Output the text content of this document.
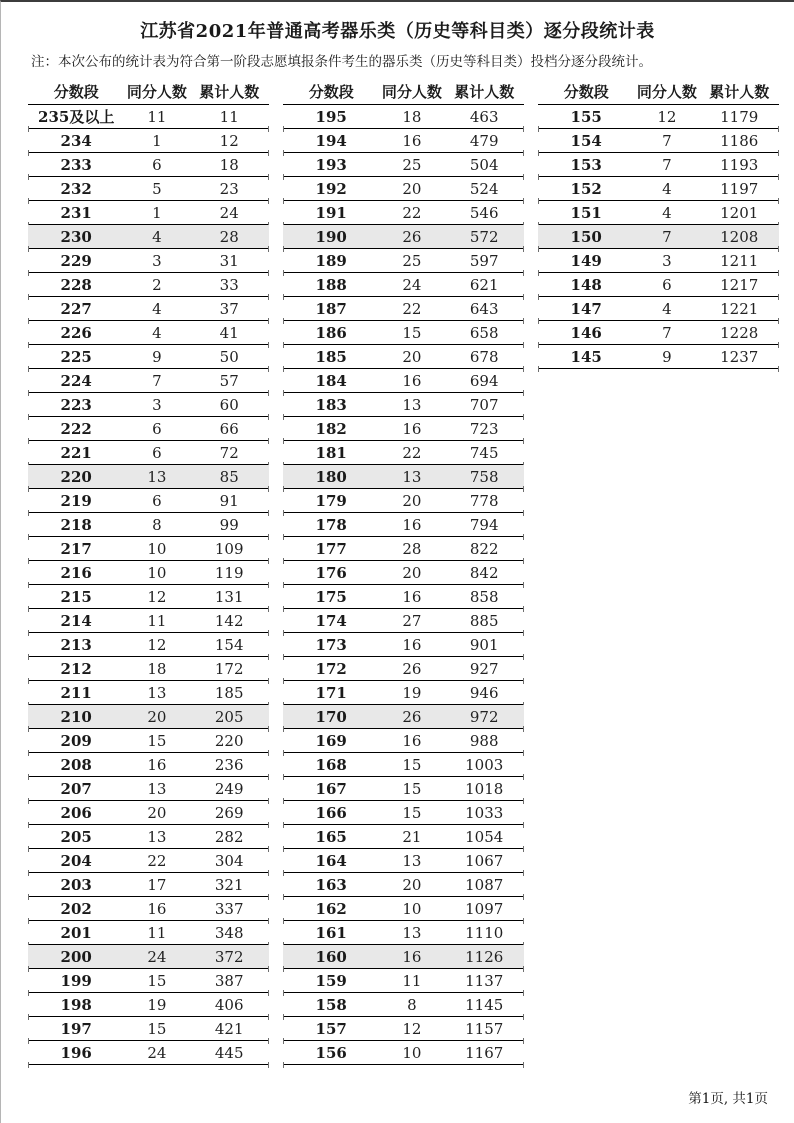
江苏省2021年普通高考器乐类（历史等科目类）逐分段统计表
注：本次公布的统计表为符合第一阶段志愿填报条件考生的器乐类（历史等科目类）投档分逐分段统计。
分数段	同分人数 累计人数
235及以上	11	11
234	1	12
233	6	18
232	5	23
231	1	24
230	4	28
229	3	31
228	2	33
227	4	37
226	4	41
225	9	50
224	7	57
223	3	60
222	6	66
221	6	72
220	13	85
219	6	91
218	8	99
217	10	109
216	10	119
215	12	131
214	11	142
213	12	154
212	18	172
211	13	185
210	20	205
209	15	220
208	16	236
207	13	249
206	20	269
205	13	282
204	22	304
203	17	321
202	16	337
201	11	348
200	24	372
199	15	387
198	19	406
197	15	421
196	24	445
分数段	同分人数 累计人数
195	18	463
194	16	479
193	25	504
192	20	524
191	22	546
190	26	572
189	25	597
188	24	621
187	22	643
186	15	658
185	20	678
184	16	694
183	13	707
182	16	723
181	22	745
180	13	758
179	20	778
178	16	794
177	28	822
176	20	842
175	16	858
174	27	885
173	16	901
172	26	927
171	19	946
170	26	972
169	16	988
168	15	1003
167	15	1018
166	15	1033
165	21	1054
164	13	1067
163	20	1087
162	10	1097
161	13	1110
160	16	1126
159	11	1137
158	8	1145
157	12	1157
156	10	1167
分数段	同分人数 累计人数
155	12	1179
154	7	1186
153	7	1193
152	4	1197
151	4	1201
150	7	1208
149	3	1211
148	6	1217
147	4	1221
146	7	1228
145	9	1237
第1页, 共1页
